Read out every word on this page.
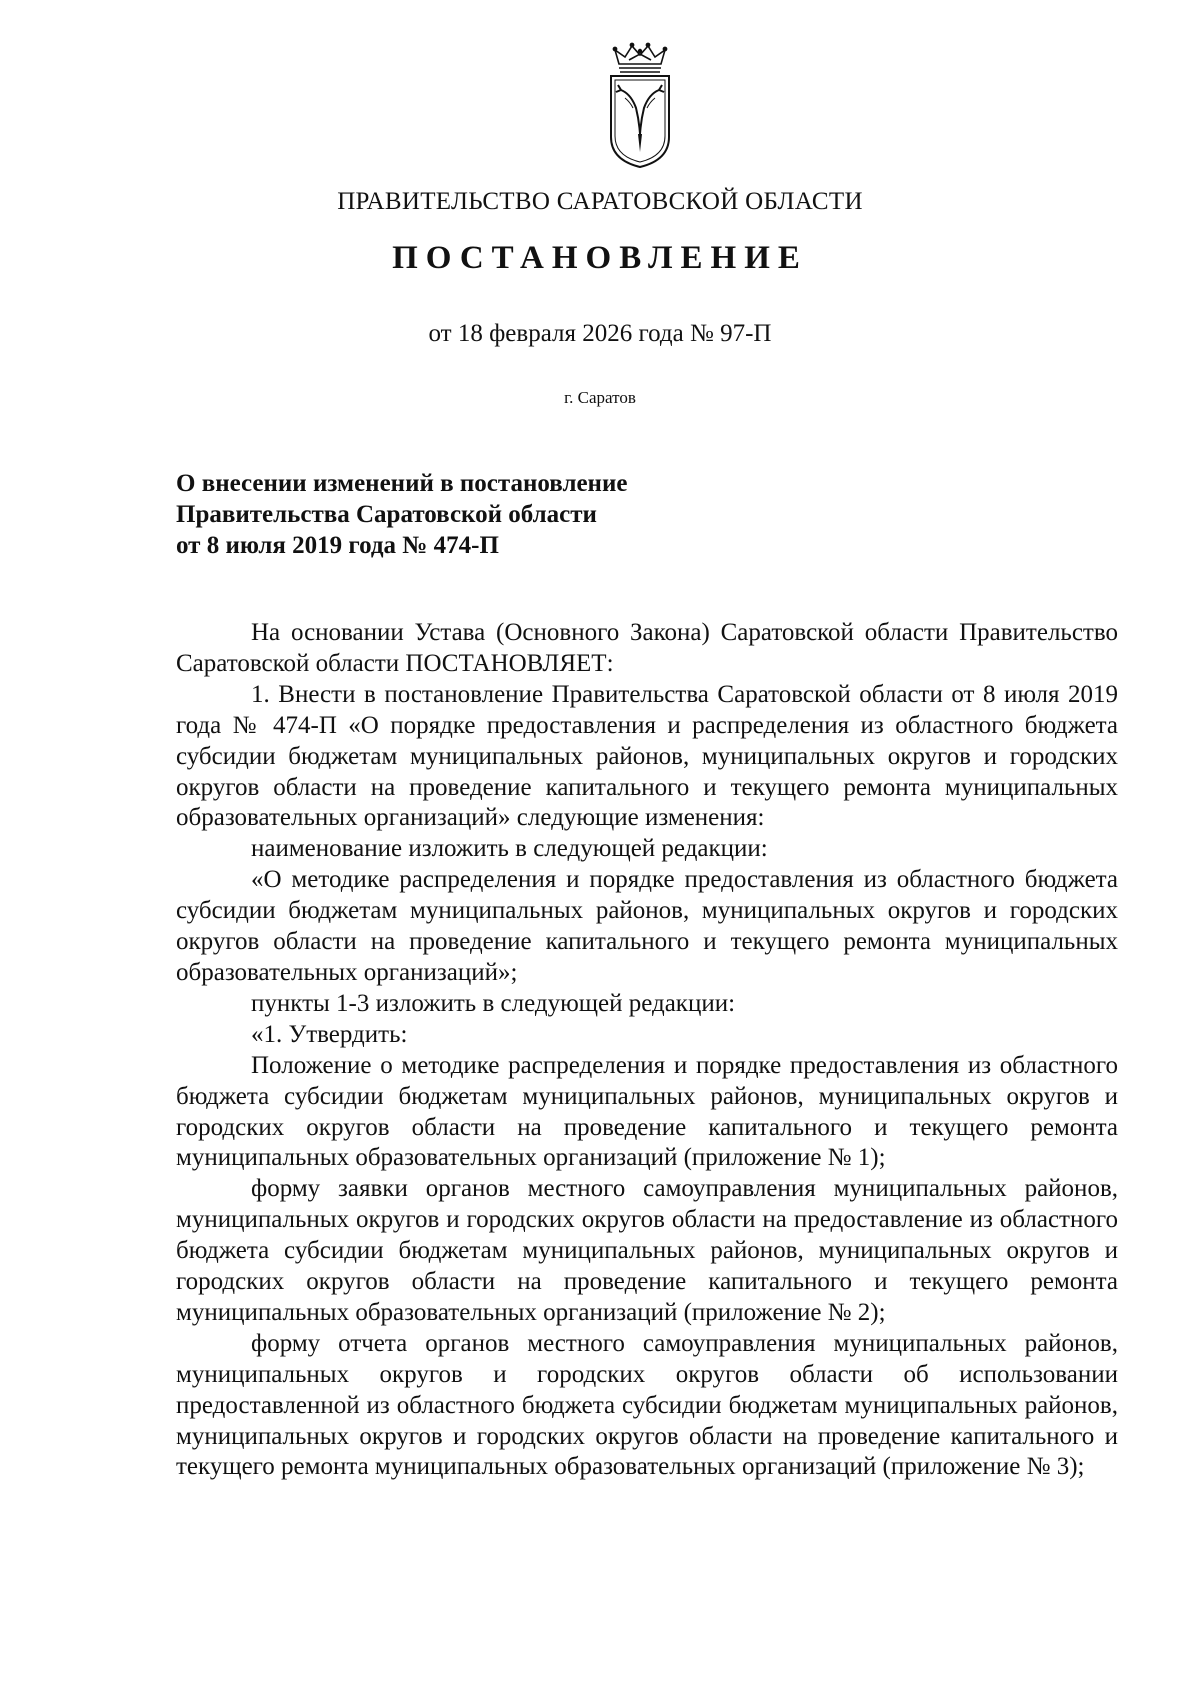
ПРАВИТЕЛЬСТВО САРАТОВСКОЙ ОБЛАСТИ
ПОСТАНОВЛЕНИЕ
от 18 февраля 2026 года № 97-П
г. Саратов
О внесении изменений в постановление
Правительства Саратовской области
от 8 июля 2019 года № 474-П

На основании Устава (Основного Закона) Саратовской области Правительство Саратовской области ПОСТАНОВЛЯЕТ:

1. Внести в постановление Правительства Саратовской области от 8 июля 2019 года № 474-П «О порядке предоставления и распределения из областного бюджета субсидии бюджетам муниципальных районов, муниципальных округов и городских округов области на проведение капитального и текущего ремонта муниципальных образовательных организаций» следующие изменения:

наименование изложить в следующей редакции:

«О методике распределения и порядке предоставления из областного бюджета субсидии бюджетам муниципальных районов, муниципальных округов и городских округов области на проведение капитального и текущего ремонта муниципальных образовательных организаций»;

пункты 1-3 изложить в следующей редакции:

«1. Утвердить:

Положение о методике распределения и порядке предоставления из областного бюджета субсидии бюджетам муниципальных районов, муниципальных округов и городских округов области на проведение капитального и текущего ремонта муниципальных образовательных организаций (приложение № 1);

форму заявки органов местного самоуправления муниципальных районов, муниципальных округов и городских округов области на предоставление из областного бюджета субсидии бюджетам муниципальных районов, муниципальных округов и городских округов области на проведение капитального и текущего ремонта муниципальных образовательных организаций (приложение № 2);

форму отчета органов местного самоуправления муниципальных районов, муниципальных округов и городских округов области об использовании предоставленной из областного бюджета субсидии бюджетам муниципальных районов, муниципальных округов и городских округов области на проведение капитального и текущего ремонта муниципальных образовательных организаций (приложение № 3);
